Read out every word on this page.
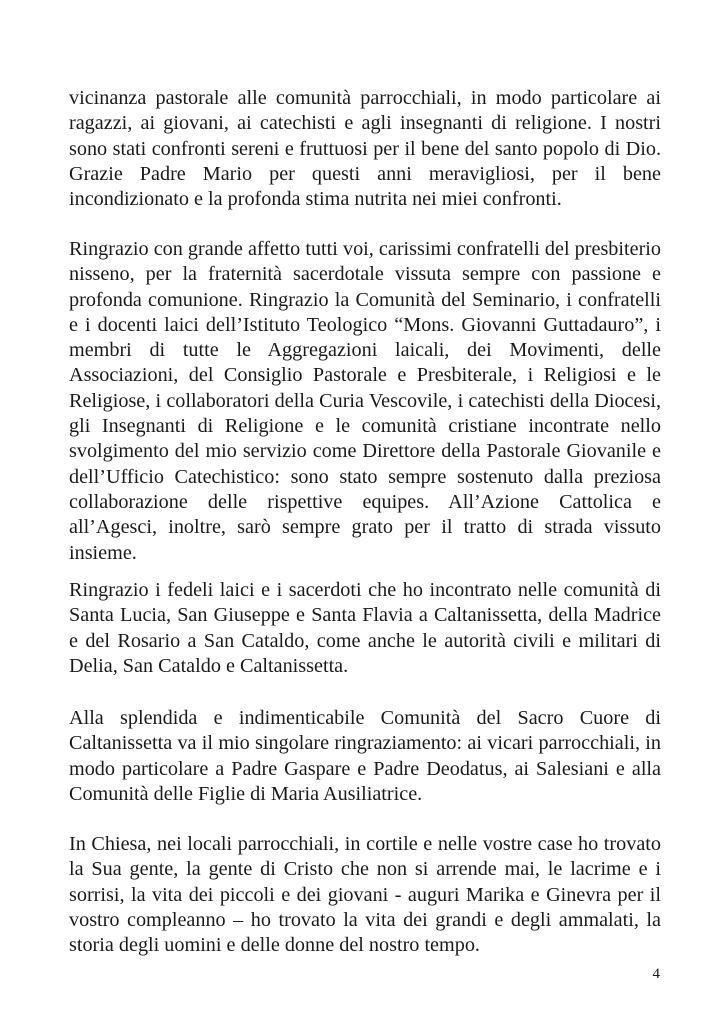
vicinanza pastorale alle comunità parrocchiali, in modo particolare ai ragazzi, ai giovani, ai catechisti e agli insegnanti di religione. I nostri sono stati confronti sereni e fruttuosi per il bene del santo popolo di Dio. Grazie Padre Mario per questi anni meravigliosi, per il bene incondizionato e la profonda stima nutrita nei miei confronti.

Ringrazio con grande affetto tutti voi, carissimi confratelli del presbiterio nisseno, per la fraternità sacerdotale vissuta sempre con passione e profonda comunione. Ringrazio la Comunità del Seminario, i confratelli e i docenti laici dell’Istituto Teologico “Mons. Giovanni Guttadauro”, i membri di tutte le Aggregazioni laicali, dei Movimenti, delle Associazioni, del Consiglio Pastorale e Presbiterale, i Religiosi e le Religiose, i collaboratori della Curia Vescovile, i catechisti della Diocesi, gli Insegnanti di Religione e le comunità cristiane incontrate nello svolgimento del mio servizio come Direttore della Pastorale Giovanile e dell’Ufficio Catechistico: sono stato sempre sostenuto dalla preziosa collaborazione delle rispettive equipes. All’Azione Cattolica e all’Agesci, inoltre, sarò sempre grato per il tratto di strada vissuto insieme.

Ringrazio i fedeli laici e i sacerdoti che ho incontrato nelle comunità di Santa Lucia, San Giuseppe e Santa Flavia a Caltanissetta, della Madrice e del Rosario a San Cataldo, come anche le autorità civili e militari di Delia, San Cataldo e Caltanissetta.

Alla splendida e indimenticabile Comunità del Sacro Cuore di Caltanissetta va il mio singolare ringraziamento: ai vicari parrocchiali, in modo particolare a Padre Gaspare e Padre Deodatus, ai Salesiani e alla Comunità delle Figlie di Maria Ausiliatrice.

In Chiesa, nei locali parrocchiali, in cortile e nelle vostre case ho trovato la Sua gente, la gente di Cristo che non si arrende mai, le lacrime e i sorrisi, la vita dei piccoli e dei giovani - auguri Marika e Ginevra per il vostro compleanno – ho trovato la vita dei grandi e degli ammalati, la storia degli uomini e delle donne del nostro tempo.

4
